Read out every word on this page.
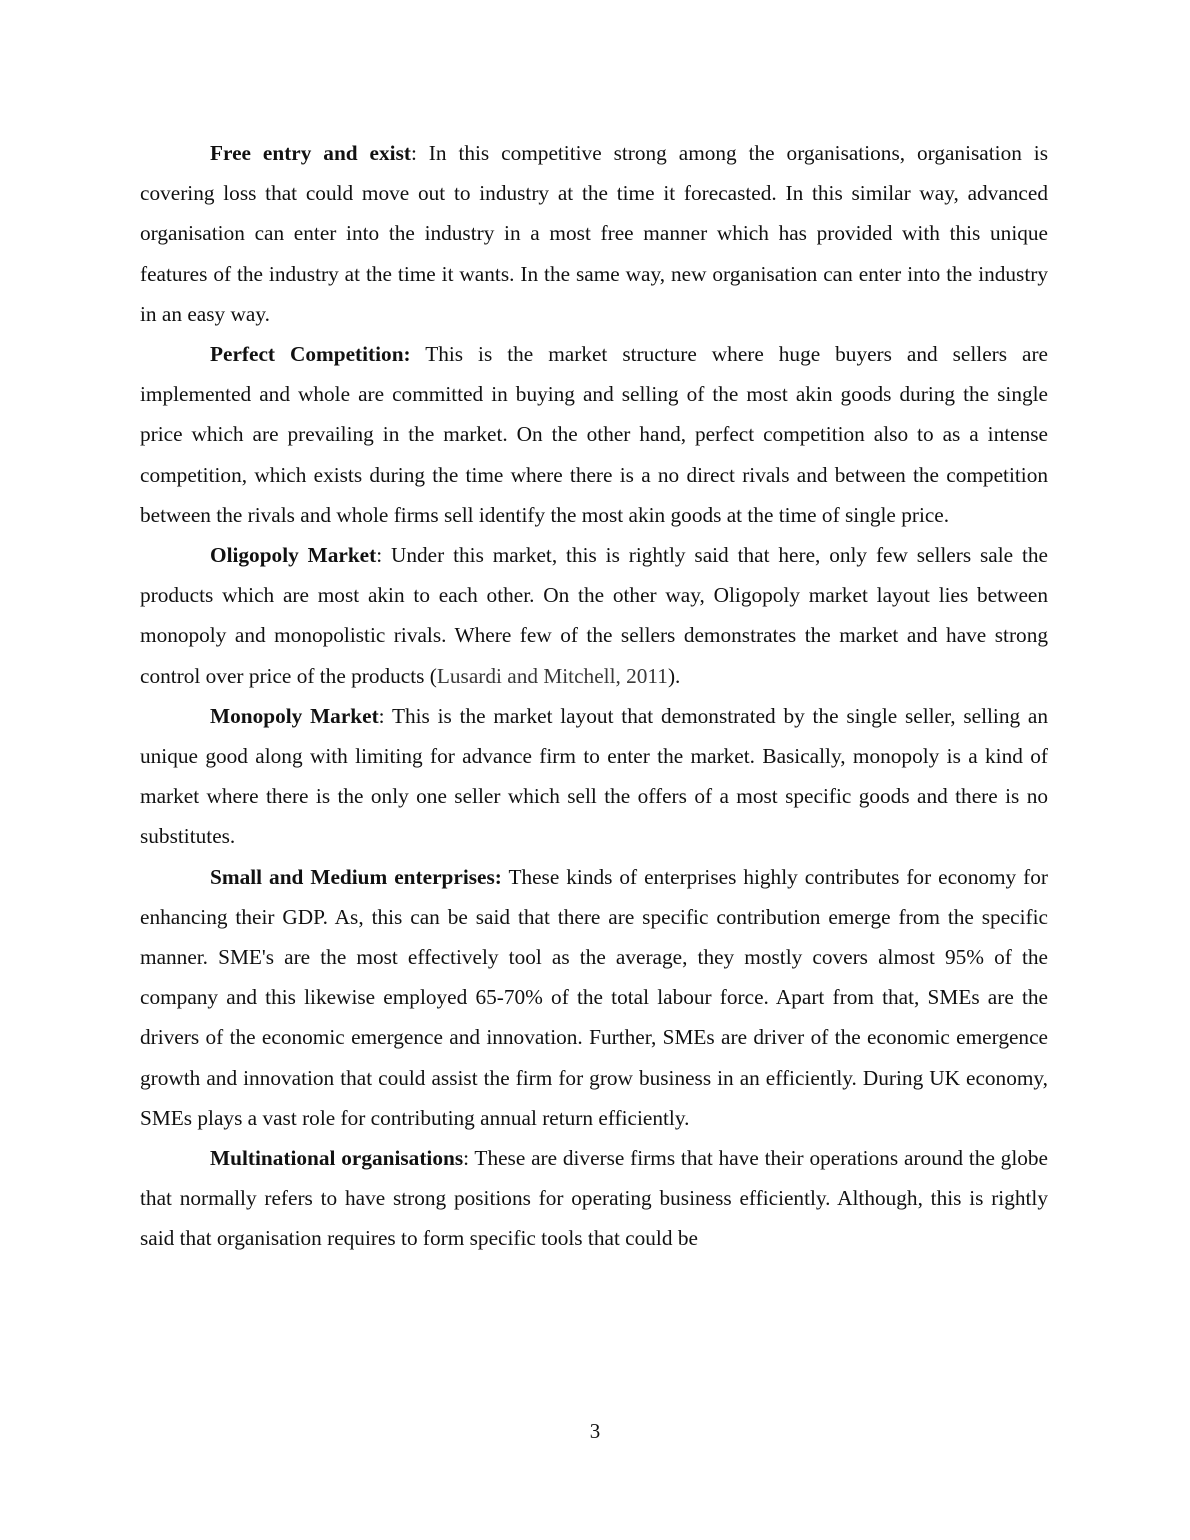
Free entry and exist: In this competitive strong among the organisations, organisation is covering loss that could move out to industry at the time it forecasted. In this similar way, advanced organisation can enter into the industry in a most free manner which has provided with this unique features of the industry at the time it wants. In the same way, new organisation can enter into the industry in an easy way.

Perfect Competition: This is the market structure where huge buyers and sellers are implemented and whole are committed in buying and selling of the most akin goods during the single price which are prevailing in the market. On the other hand, perfect competition also to as a intense competition, which exists during the time where there is a no direct rivals and between the competition between the rivals and whole firms sell identify the most akin goods at the time of single price.

Oligopoly Market: Under this market, this is rightly said that here, only few sellers sale the products which are most akin to each other. On the other way, Oligopoly market layout lies between monopoly and monopolistic rivals. Where few of the sellers demonstrates the market and have strong control over price of the products (Lusardi and Mitchell, 2011).

Monopoly Market: This is the market layout that demonstrated by the single seller, selling an unique good along with limiting for advance firm to enter the market. Basically, monopoly is a kind of market where there is the only one seller which sell the offers of a most specific goods and there is no substitutes.

Small and Medium enterprises: These kinds of enterprises highly contributes for economy for enhancing their GDP. As, this can be said that there are specific contribution emerge from the specific manner. SME's are the most effectively tool as the average, they mostly covers almost 95% of the company and this likewise employed 65-70% of the total labour force. Apart from that, SMEs are the drivers of the economic emergence and innovation. Further, SMEs are driver of the economic emergence growth and innovation that could assist the firm for grow business in an efficiently. During UK economy, SMEs plays a vast role for contributing annual return efficiently.

Multinational organisations: These are diverse firms that have their operations around the globe that normally refers to have strong positions for operating business efficiently. Although, this is rightly said that organisation requires to form specific tools that could be

3
